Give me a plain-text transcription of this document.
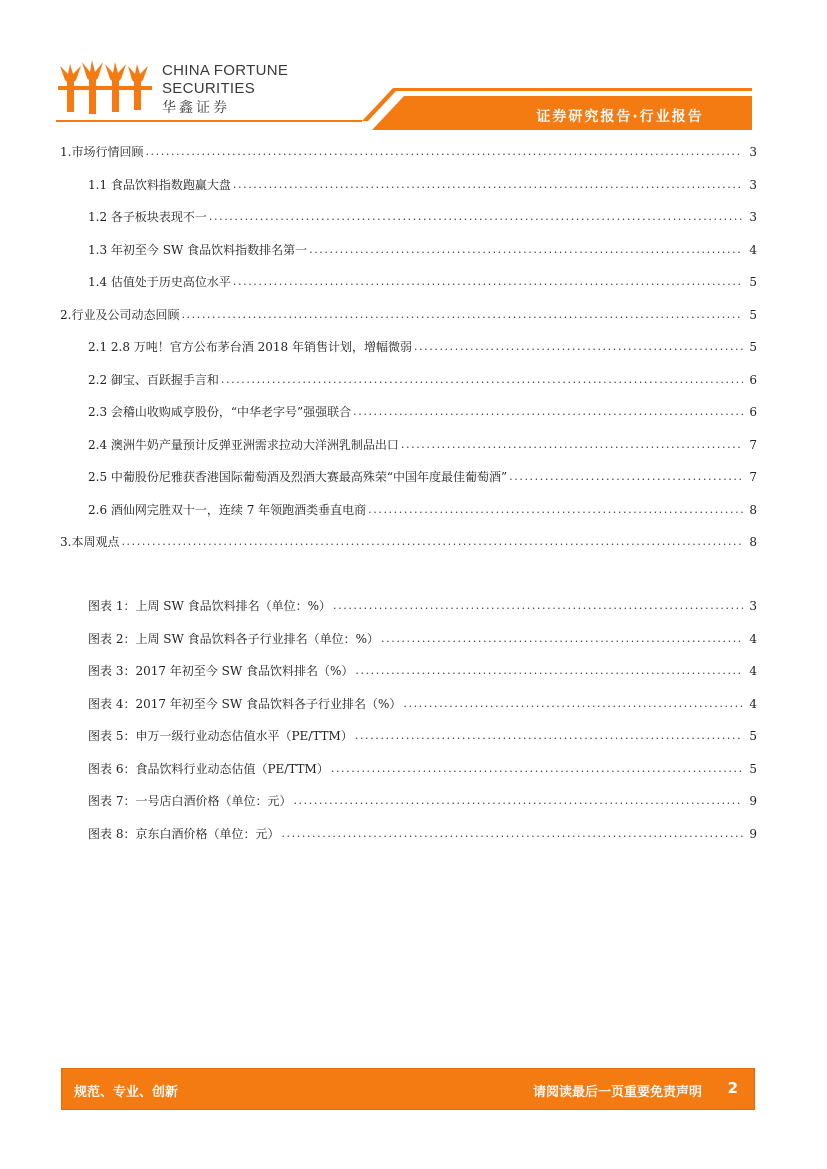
CHINA FORTUNE
SECURITIES
华鑫证券
证券研究报告·行业报告
1.市场行情回顾 .....	3
1.1 食品饮料指数跑赢大盘 .....	3
1.2 各子板块表现不一 .....	3
1.3 年初至今 SW 食品饮料指数排名第一 .....	4
1.4 估值处于历史高位水平 .....	5
2.行业及公司动态回顾 .....	5
2.1 2.8 万吨！官方公布茅台酒 2018 年销售计划，增幅微弱 .....	5
2.2 御宝、百跃握手言和 .....	6
2.3 会稽山收购咸亨股份，“中华老字号”强强联合 .....	6
2.4 澳洲牛奶产量预计反弹亚洲需求拉动大洋洲乳制品出口 .....	7
2.5 中葡股份尼雅获香港国际葡萄酒及烈酒大赛最高殊荣“中国年度最佳葡萄酒” .....	7
2.6 酒仙网完胜双十一，连续 7 年领跑酒类垂直电商 .....	8
3.本周观点 .....	8
图表 1：上周 SW 食品饮料排名（单位：%） .....	3
图表 2：上周 SW 食品饮料各子行业排名（单位：%） .....	4
图表 3：2017 年初至今 SW 食品饮料排名（%） .....	4
图表 4：2017 年初至今 SW 食品饮料各子行业排名（%） .....	4
图表 5：申万一级行业动态估值水平（PE/TTM） .....	5
图表 6：食品饮料行业动态估值（PE/TTM） .....	5
图表 7：一号店白酒价格（单位：元） .....	9
图表 8：京东白酒价格（单位：元） .....	9
规范、专业、创新	请阅读最后一页重要免责声明 2
